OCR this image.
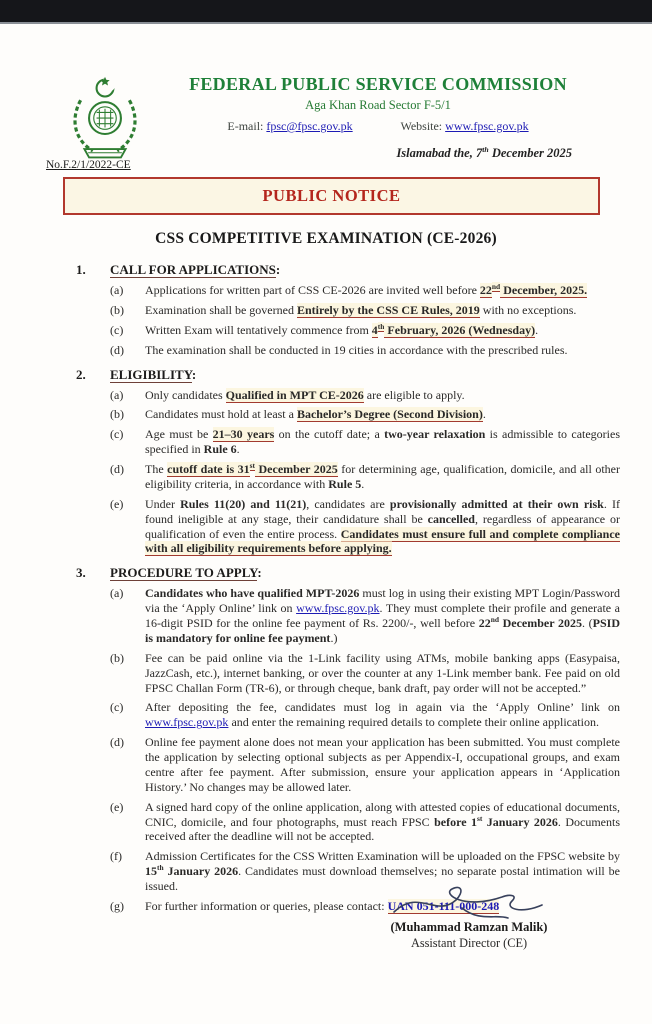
FEDERAL PUBLIC SERVICE COMMISSION
Aga Khan Road Sector F-5/1
E-mail: fpsc@fpsc.gov.pk	Website: www.fpsc.gov.pk
Islamabad the, 7th December 2025
No.F.2/1/2022-CE
PUBLIC NOTICE
CSS COMPETITIVE EXAMINATION (CE-2026)
1.	CALL FOR APPLICATIONS:
(a)	Applications for written part of CSS CE-2026 are invited well before 22nd December, 2025.
(b)	Examination shall be governed Entirely by the CSS CE Rules, 2019 with no exceptions.
(c)	Written Exam will tentatively commence from 4th February, 2026 (Wednesday).
(d)	The examination shall be conducted in 19 cities in accordance with the prescribed rules.
2.	ELIGIBILITY:
(a)	Only candidates Qualified in MPT CE-2026 are eligible to apply.
(b)	Candidates must hold at least a Bachelor’s Degree (Second Division).
(c)	Age must be 21–30 years on the cutoff date; a two-year relaxation is admissible to categories specified in Rule 6.
(d)	The cutoff date is 31st December 2025 for determining age, qualification, domicile, and all other eligibility criteria, in accordance with Rule 5.
(e)	Under Rules 11(20) and 11(21), candidates are provisionally admitted at their own risk. If found ineligible at any stage, their candidature shall be cancelled, regardless of appearance or qualification of even the entire process. Candidates must ensure full and complete compliance with all eligibility requirements before applying.
3.	PROCEDURE TO APPLY:
(a)	Candidates who have qualified MPT-2026 must log in using their existing MPT Login/Password via the ‘Apply Online’ link on www.fpsc.gov.pk. They must complete their profile and generate a 16-digit PSID for the online fee payment of Rs. 2200/-, well before 22nd December 2025. (PSID is mandatory for online fee payment.)
(b)	Fee can be paid online via the 1-Link facility using ATMs, mobile banking apps (Easypaisa, JazzCash, etc.), internet banking, or over the counter at any 1-Link member bank. Fee paid on old FPSC Challan Form (TR-6), or through cheque, bank draft, pay order will not be accepted.”
(c)	After depositing the fee, candidates must log in again via the ‘Apply Online’ link on www.fpsc.gov.pk and enter the remaining required details to complete their online application.
(d)	Online fee payment alone does not mean your application has been submitted. You must complete the application by selecting optional subjects as per Appendix-I, occupational groups, and exam centre after fee payment. After submission, ensure your application appears in ‘Application History.’ No changes may be allowed later.
(e)	A signed hard copy of the online application, along with attested copies of educational documents, CNIC, domicile, and four photographs, must reach FPSC before 1st January 2026. Documents received after the deadline will not be accepted.
(f)	Admission Certificates for the CSS Written Examination will be uploaded on the FPSC website by 15th January 2026. Candidates must download themselves; no separate postal intimation will be issued.
(g)	For further information or queries, please contact: UAN 051-111-000-248
(Muhammad Ramzan Malik)
Assistant Director (CE)
